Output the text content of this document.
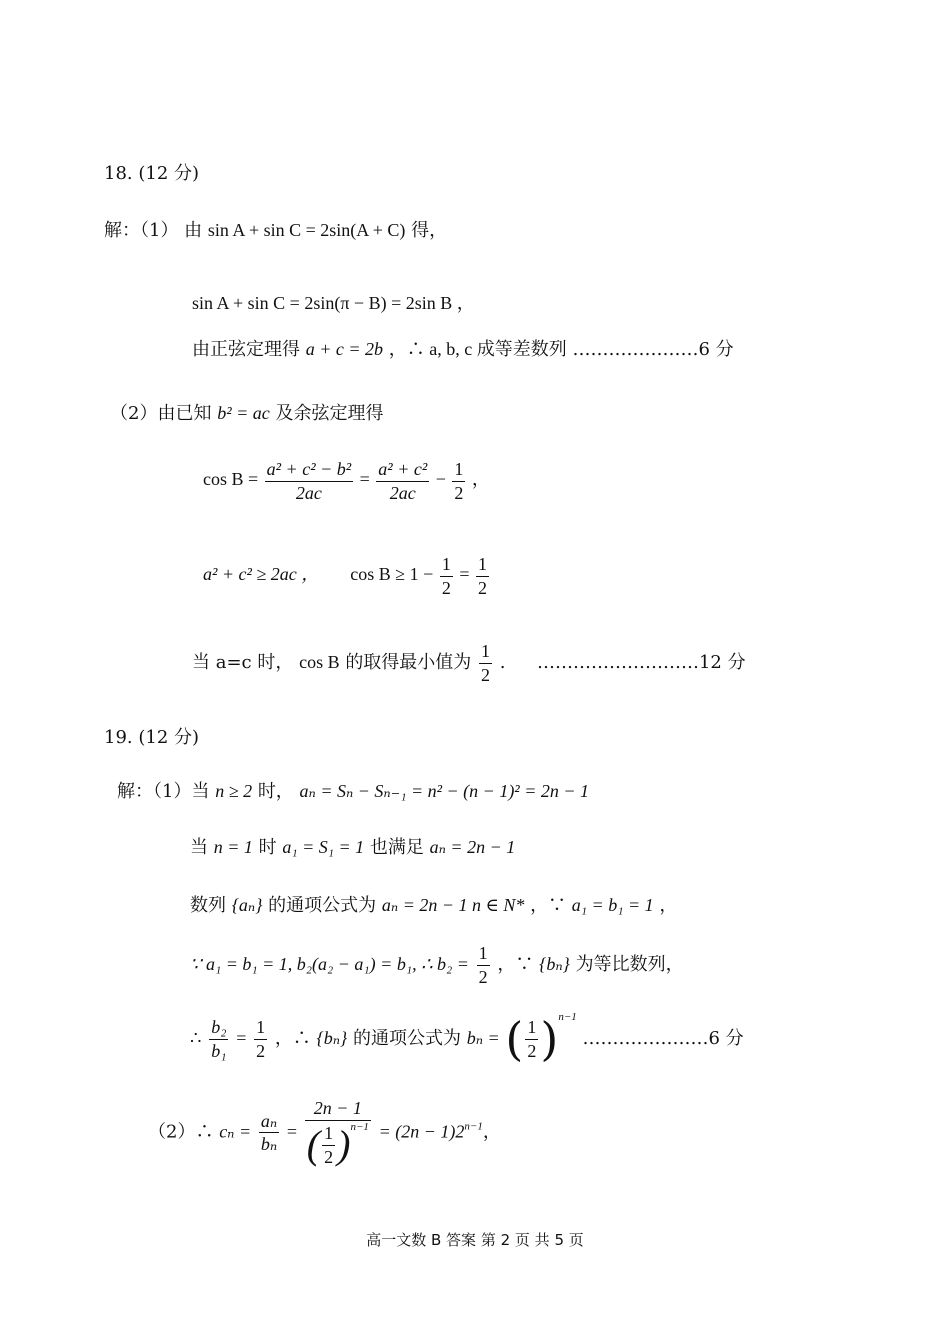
18. (12 分)
解：（1） 由 sin A + sin C = 2sin(A + C) 得，
sin A + sin C = 2sin(π − B) = 2sin B ，
由正弦定理得 a + c = 2b ，∴ a, b, c 成等差数列 …………………6 分
（2）由已知 b² = ac 及余弦定理得
$\cos B = \frac{\text{a² + c² − b²}}{2ac} = \frac{\text{a² + c²}}{2ac} - \frac{1}{2}$ ，
a² + c² ≥ 2ac ， $\cos B \ge 1 - \frac{1}{2} = \frac{1}{2}$
当 a=c 时， cos B 的取得最小值为 $\frac{1}{2}$ . ………………………12 分
19. (12 分)
解：（1）当 n ≥ 2 时， aₙ = Sₙ − Sₙ₋₁ = n² − (n − 1)² = 2n − 1
当 n = 1 时 a₁ = S₁ = 1 也满足 aₙ = 2n − 1
数列 {aₙ} 的通项公式为 aₙ = 2n − 1 n ∈ N* ，∵ a₁ = b₁ = 1 ，
∵ a₁ = b₁ = 1, b₂(a₂ − a₁) = b₁, ∴ $b_2 = \frac{1}{2}$ ，∵ {bₙ} 为等比数列，
∴ $\frac{\text{b₂}}{\text{b₁}} = \frac{1}{2}$ ，∴ {bₙ} 的通项公式为 bₙ = ( $\frac{1}{2} )^{n-1}$ …………………6 分
（2）∴ $c_n = \frac{\text{aₙ}}{\text{bₙ}} = \frac{2n - 1}{( \frac{1}{2} )^{n-1}} = (2n - 1)2^{n-1}$，
高一文数 B 答案 第 2 页 共 5 页
